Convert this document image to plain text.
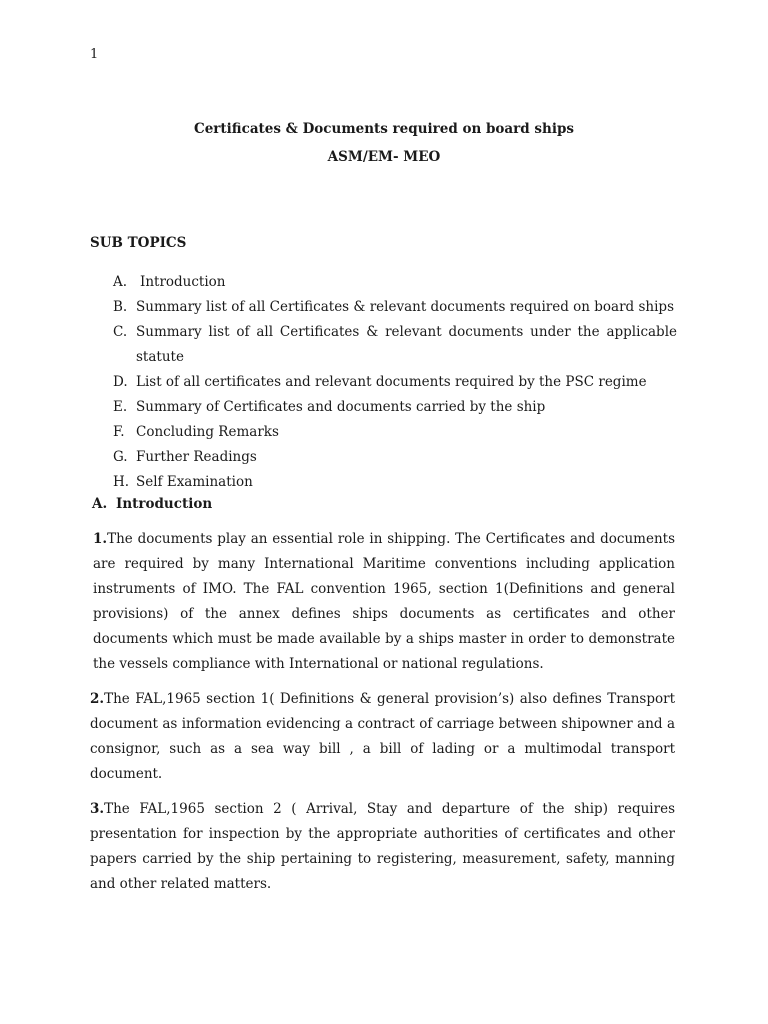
1
Certificates & Documents required on board ships
ASM/EM- MEO
SUB TOPICS
A. Introduction
B. Summary list of all Certificates & relevant documents required on board ships
C. Summary list of all Certificates & relevant documents under the applicable statute
D. List of all certificates and relevant documents required by the PSC regime
E. Summary of Certificates and documents carried by the ship
F. Concluding Remarks
G. Further Readings
H. Self Examination
A. Introduction

1.The documents play an essential role in shipping. The Certificates and documents are required by many International Maritime conventions including application instruments of IMO. The FAL convention 1965, section 1(Definitions and general provisions) of the annex defines ships documents as certificates and other documents which must be made available by a ships master in order to demonstrate the vessels compliance with International or national regulations.

2.The FAL,1965 section 1( Definitions & general provision’s) also defines Transport document as information evidencing a contract of carriage between shipowner and a consignor, such as a sea way bill , a bill of lading or a multimodal transport document.

3.The FAL,1965 section 2 ( Arrival, Stay and departure of the ship) requires presentation for inspection by the appropriate authorities of certificates and other papers carried by the ship pertaining to registering, measurement, safety, manning and other related matters.
